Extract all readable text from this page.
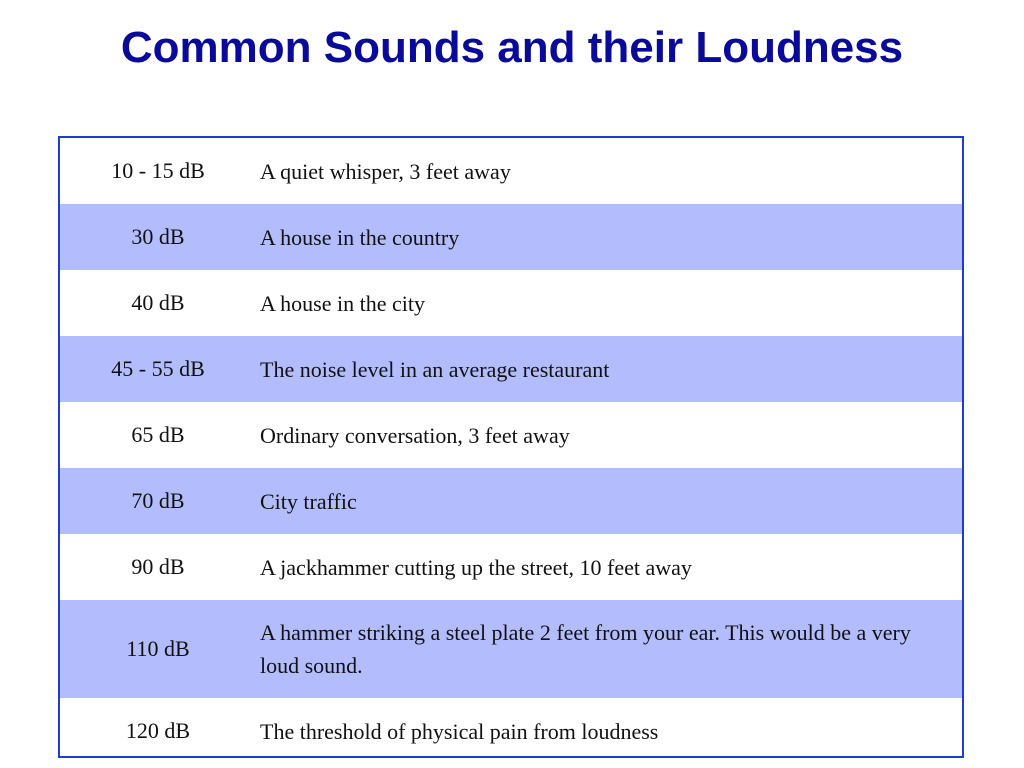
Common Sounds and their Loudness
10 - 15 dB	A quiet whisper, 3 feet away
30 dB	A house in the country
40 dB	A house in the city
45 - 55 dB	The noise level in an average restaurant
65 dB	Ordinary conversation, 3 feet away
70 dB	City traffic
90 dB	A jackhammer cutting up the street, 10 feet away
110 dB	A hammer striking a steel plate 2 feet from your ear. This would be a very loud sound.
120 dB	The threshold of physical pain from loudness
